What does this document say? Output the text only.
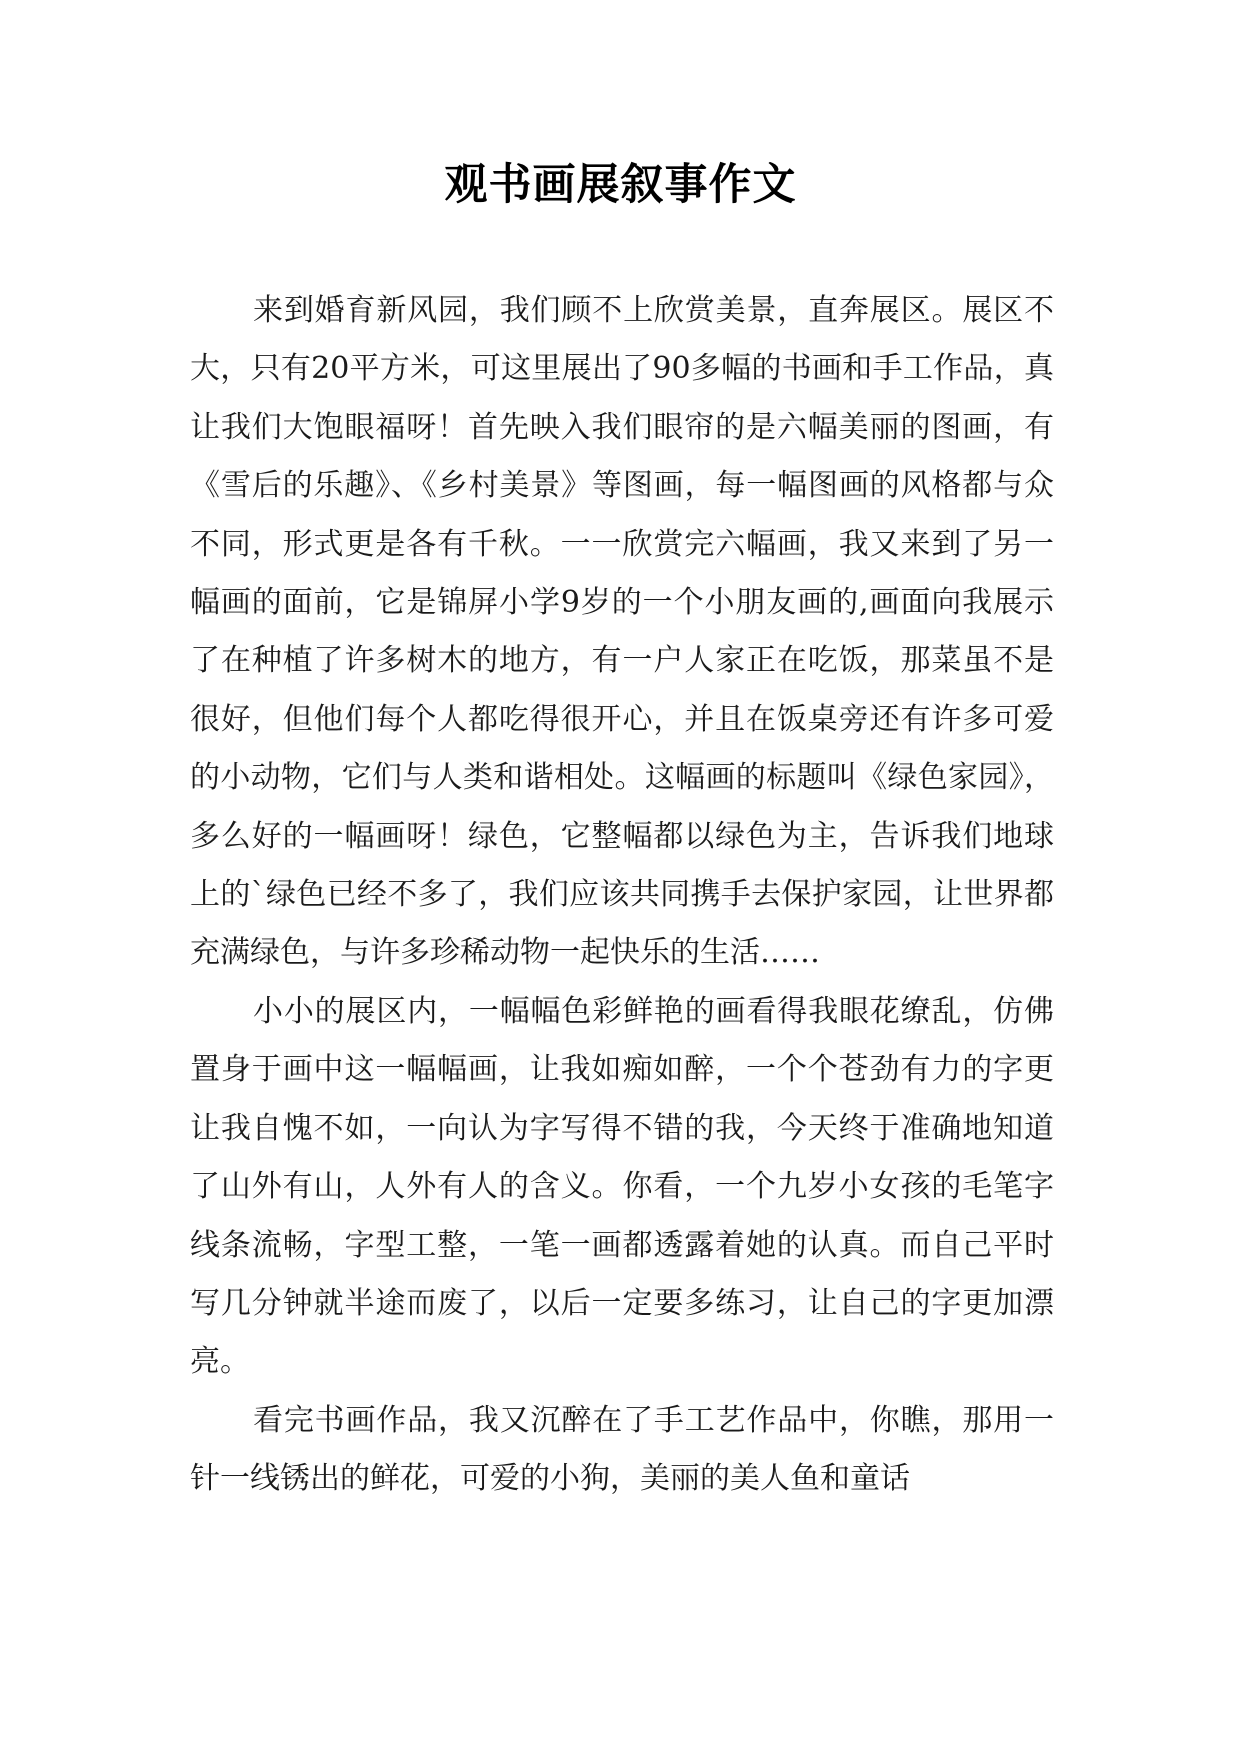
观书画展叙事作文

来到婚育新风园，我们顾不上欣赏美景，直奔展区。展区不大，只有20平方米，可这里展出了90多幅的书画和手工作品，真让我们大饱眼福呀！首先映入我们眼帘的是六幅美丽的图画，有《雪后的乐趣》、《乡村美景》等图画，每一幅图画的风格都与众不同，形式更是各有千秋。一一欣赏完六幅画，我又来到了另一幅画的面前，它是锦屏小学9岁的一个小朋友画的,画面向我展示了在种植了许多树木的地方，有一户人家正在吃饭，那菜虽不是很好，但他们每个人都吃得很开心，并且在饭桌旁还有许多可爱的小动物，它们与人类和谐相处。这幅画的标题叫《绿色家园》，多么好的一幅画呀！绿色，它整幅都以绿色为主，告诉我们地球上的`绿色已经不多了，我们应该共同携手去保护家园，让世界都充满绿色，与许多珍稀动物一起快乐的生活……

小小的展区内，一幅幅色彩鲜艳的画看得我眼花缭乱，仿佛置身于画中这一幅幅画，让我如痴如醉，一个个苍劲有力的字更让我自愧不如，一向认为字写得不错的我，今天终于准确地知道了山外有山，人外有人的含义。你看，一个九岁小女孩的毛笔字线条流畅，字型工整，一笔一画都透露着她的认真。而自己平时写几分钟就半途而废了，以后一定要多练习，让自己的字更加漂亮。

看完书画作品，我又沉醉在了手工艺作品中，你瞧，那用一针一线锈出的鲜花，可爱的小狗，美丽的美人鱼和童话
